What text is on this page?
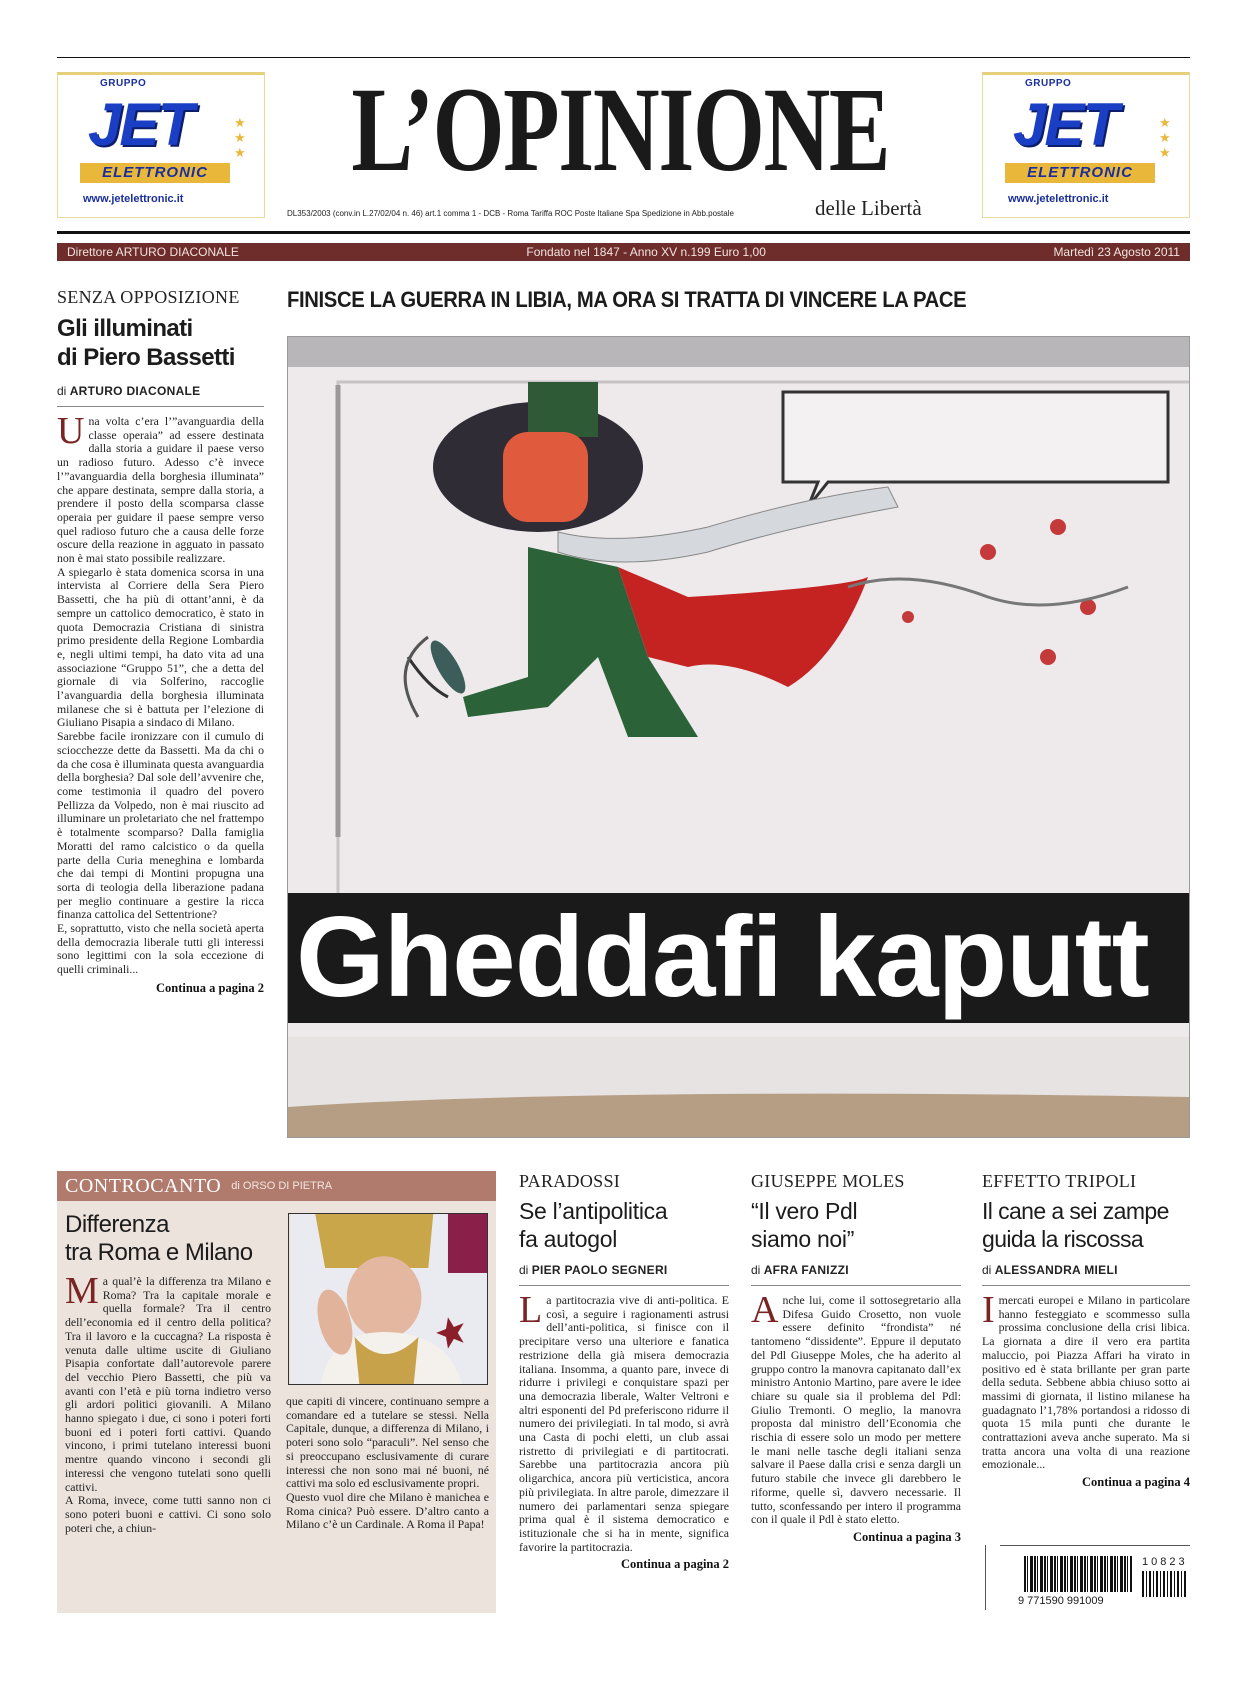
GRUPPO
JET
ELETTRONIC
★
★
★
www.jetelettronic.it
GRUPPO
JET
ELETTRONIC
★
★
★
www.jetelettronic.it
L’OPINIONE
delle Libertà
DL353/2003 (conv.in L.27/02/04 n. 46) art.1 comma 1 - DCB - Roma Tariffa ROC Poste Italiane Spa Spedizione in Abb.postale
Direttore ARTURO DIACONALE	Fondato nel 1847 - Anno XV n.199 Euro 1,00	Martedì 23 Agosto 2011
SENZA OPPOSIZIONE
Gli illuminati
di Piero Bassetti
di ARTURO DIACONALE

Una volta c’era l’”avanguardia della classe operaia” ad essere destinata dalla storia a guidare il paese verso un radioso futuro. Adesso c’è invece l’”avanguardia della borghesia illuminata” che appare destinata, sempre dalla storia, a prendere il posto della scomparsa classe operaia per guidare il paese sempre verso quel radioso futuro che a causa delle forze oscure della reazione in agguato in passato non è mai stato possibile realizzare.

A spiegarlo è stata domenica scorsa in una intervista al Corriere della Sera Piero Bassetti, che ha più di ottant’anni, è da sempre un cattolico democratico, è stato in quota Democrazia Cristiana di sinistra primo presidente della Regione Lombardia e, negli ultimi tempi, ha dato vita ad una associazione “Gruppo 51”, che a detta del giornale di via Solferino, raccoglie l’avanguardia della borghesia illuminata milanese che si è battuta per l’elezione di Giuliano Pisapia a sindaco di Milano.

Sarebbe facile ironizzare con il cumulo di sciocchezze dette da Bassetti. Ma da chi o da che cosa è illuminata questa avanguardia della borghesia? Dal sole dell’avvenire che, come testimonia il quadro del povero Pellizza da Volpedo, non è mai riuscito ad illuminare un proletariato che nel frattempo è totalmente scomparso? Dalla famiglia Moratti del ramo calcistico o da quella parte della Curia meneghina e lombarda che dai tempi di Montini propugna una sorta di teologia della liberazione padana per meglio continuare a gestire la ricca finanza cattolica del Settentrione?

E, soprattutto, visto che nella società aperta della democrazia liberale tutti gli interessi sono legittimi con la sola eccezione di quelli criminali...

Continua a pagina 2
FINISCE LA GUERRA IN LIBIA, MA ORA SI TRATTA DI VINCERE LA PACE
Gheddafi kaputt
CONTROCANTO di ORSO DI PIETRA
Differenza
tra Roma e Milano

Ma qual’è la differenza tra Milano e Roma? Tra la capitale morale e quella formale? Tra il centro dell’economia ed il centro della politica? Tra il lavoro e la cuccagna? La risposta è venuta dalle ultime uscite di Giuliano Pisapia confortate dall’autorevole parere del vecchio Piero Bassetti, che più va avanti con l’età e più torna indietro verso gli ardori politici giovanili. A Milano hanno spiegato i due, ci sono i poteri forti buoni ed i poteri forti cattivi. Quando vincono, i primi tutelano interessi buoni mentre quando vincono i secondi gli interessi che vengono tutelati sono quelli cattivi.

A Roma, invece, come tutti sanno non ci sono poteri buoni e cattivi. Ci sono solo poteri che, a chiun-

que capiti di vincere, continuano sempre a comandare ed a tutelare se stessi. Nella Capitale, dunque, a differenza di Milano, i poteri sono solo “paraculi”. Nel senso che si preoccupano esclusivamente di curare interessi che non sono mai né buoni, né cattivi ma solo ed esclusivamente propri.

Questo vuol dire che Milano è manichea e Roma cinica? Può essere. D’altro canto a Milano c’è un Cardinale. A Roma il Papa!

PARADOSSI
Se l’antipolitica
fa autogol
di PIER PAOLO SEGNERI

La partitocrazia vive di anti-politica. E così, a seguire i ragionamenti astrusi dell’anti-politica, si finisce con il precipitare verso una ulteriore e fanatica restrizione della già misera democrazia italiana. Insomma, a quanto pare, invece di ridurre i privilegi e conquistare spazi per una democrazia liberale, Walter Veltroni e altri esponenti del Pd preferiscono ridurre il numero dei privilegiati. In tal modo, si avrà una Casta di pochi eletti, un club assai ristretto di privilegiati e di partitocrati. Sarebbe una partitocrazia ancora più oligarchica, ancora più verticistica, ancora più privilegiata. In altre parole, dimezzare il numero dei parlamentari senza spiegare prima qual è il sistema democratico e istituzionale che si ha in mente, significa favorire la partitocrazia.

Continua a pagina 2
GIUSEPPE MOLES
“Il vero Pdl
siamo noi”
di AFRA FANIZZI

Anche lui, come il sottosegretario alla Difesa Guido Crosetto, non vuole essere definito “frondista” né tantomeno “dissidente”. Eppure il deputato del Pdl Giuseppe Moles, che ha aderito al gruppo contro la manovra capitanato dall’ex ministro Antonio Martino, pare avere le idee chiare su quale sia il problema del Pdl: Giulio Tremonti. O meglio, la manovra proposta dal ministro dell’Economia che rischia di essere solo un modo per mettere le mani nelle tasche degli italiani senza salvare il Paese dalla crisi e senza dargli un futuro stabile che invece gli darebbero le riforme, quelle sì, davvero necessarie. Il tutto, sconfessando per intero il programma con il quale il Pdl è stato eletto.

Continua a pagina 3
EFFETTO TRIPOLI
Il cane a sei zampe
guida la riscossa
di ALESSANDRA MIELI

Imercati europei e Milano in particolare hanno festeggiato e scommesso sulla prossima conclusione della crisi libica. La giornata a dire il vero era partita maluccio, poi Piazza Affari ha virato in positivo ed è stata brillante per gran parte della seduta. Sebbene abbia chiuso sotto ai massimi di giornata, il listino milanese ha guadagnato l’1,78% portandosi a ridosso di quota 15 mila punti che durante le contrattazioni aveva anche superato. Ma si tratta ancora una volta di una reazione emozionale...

Continua a pagina 4
10823
9 771590 991009
